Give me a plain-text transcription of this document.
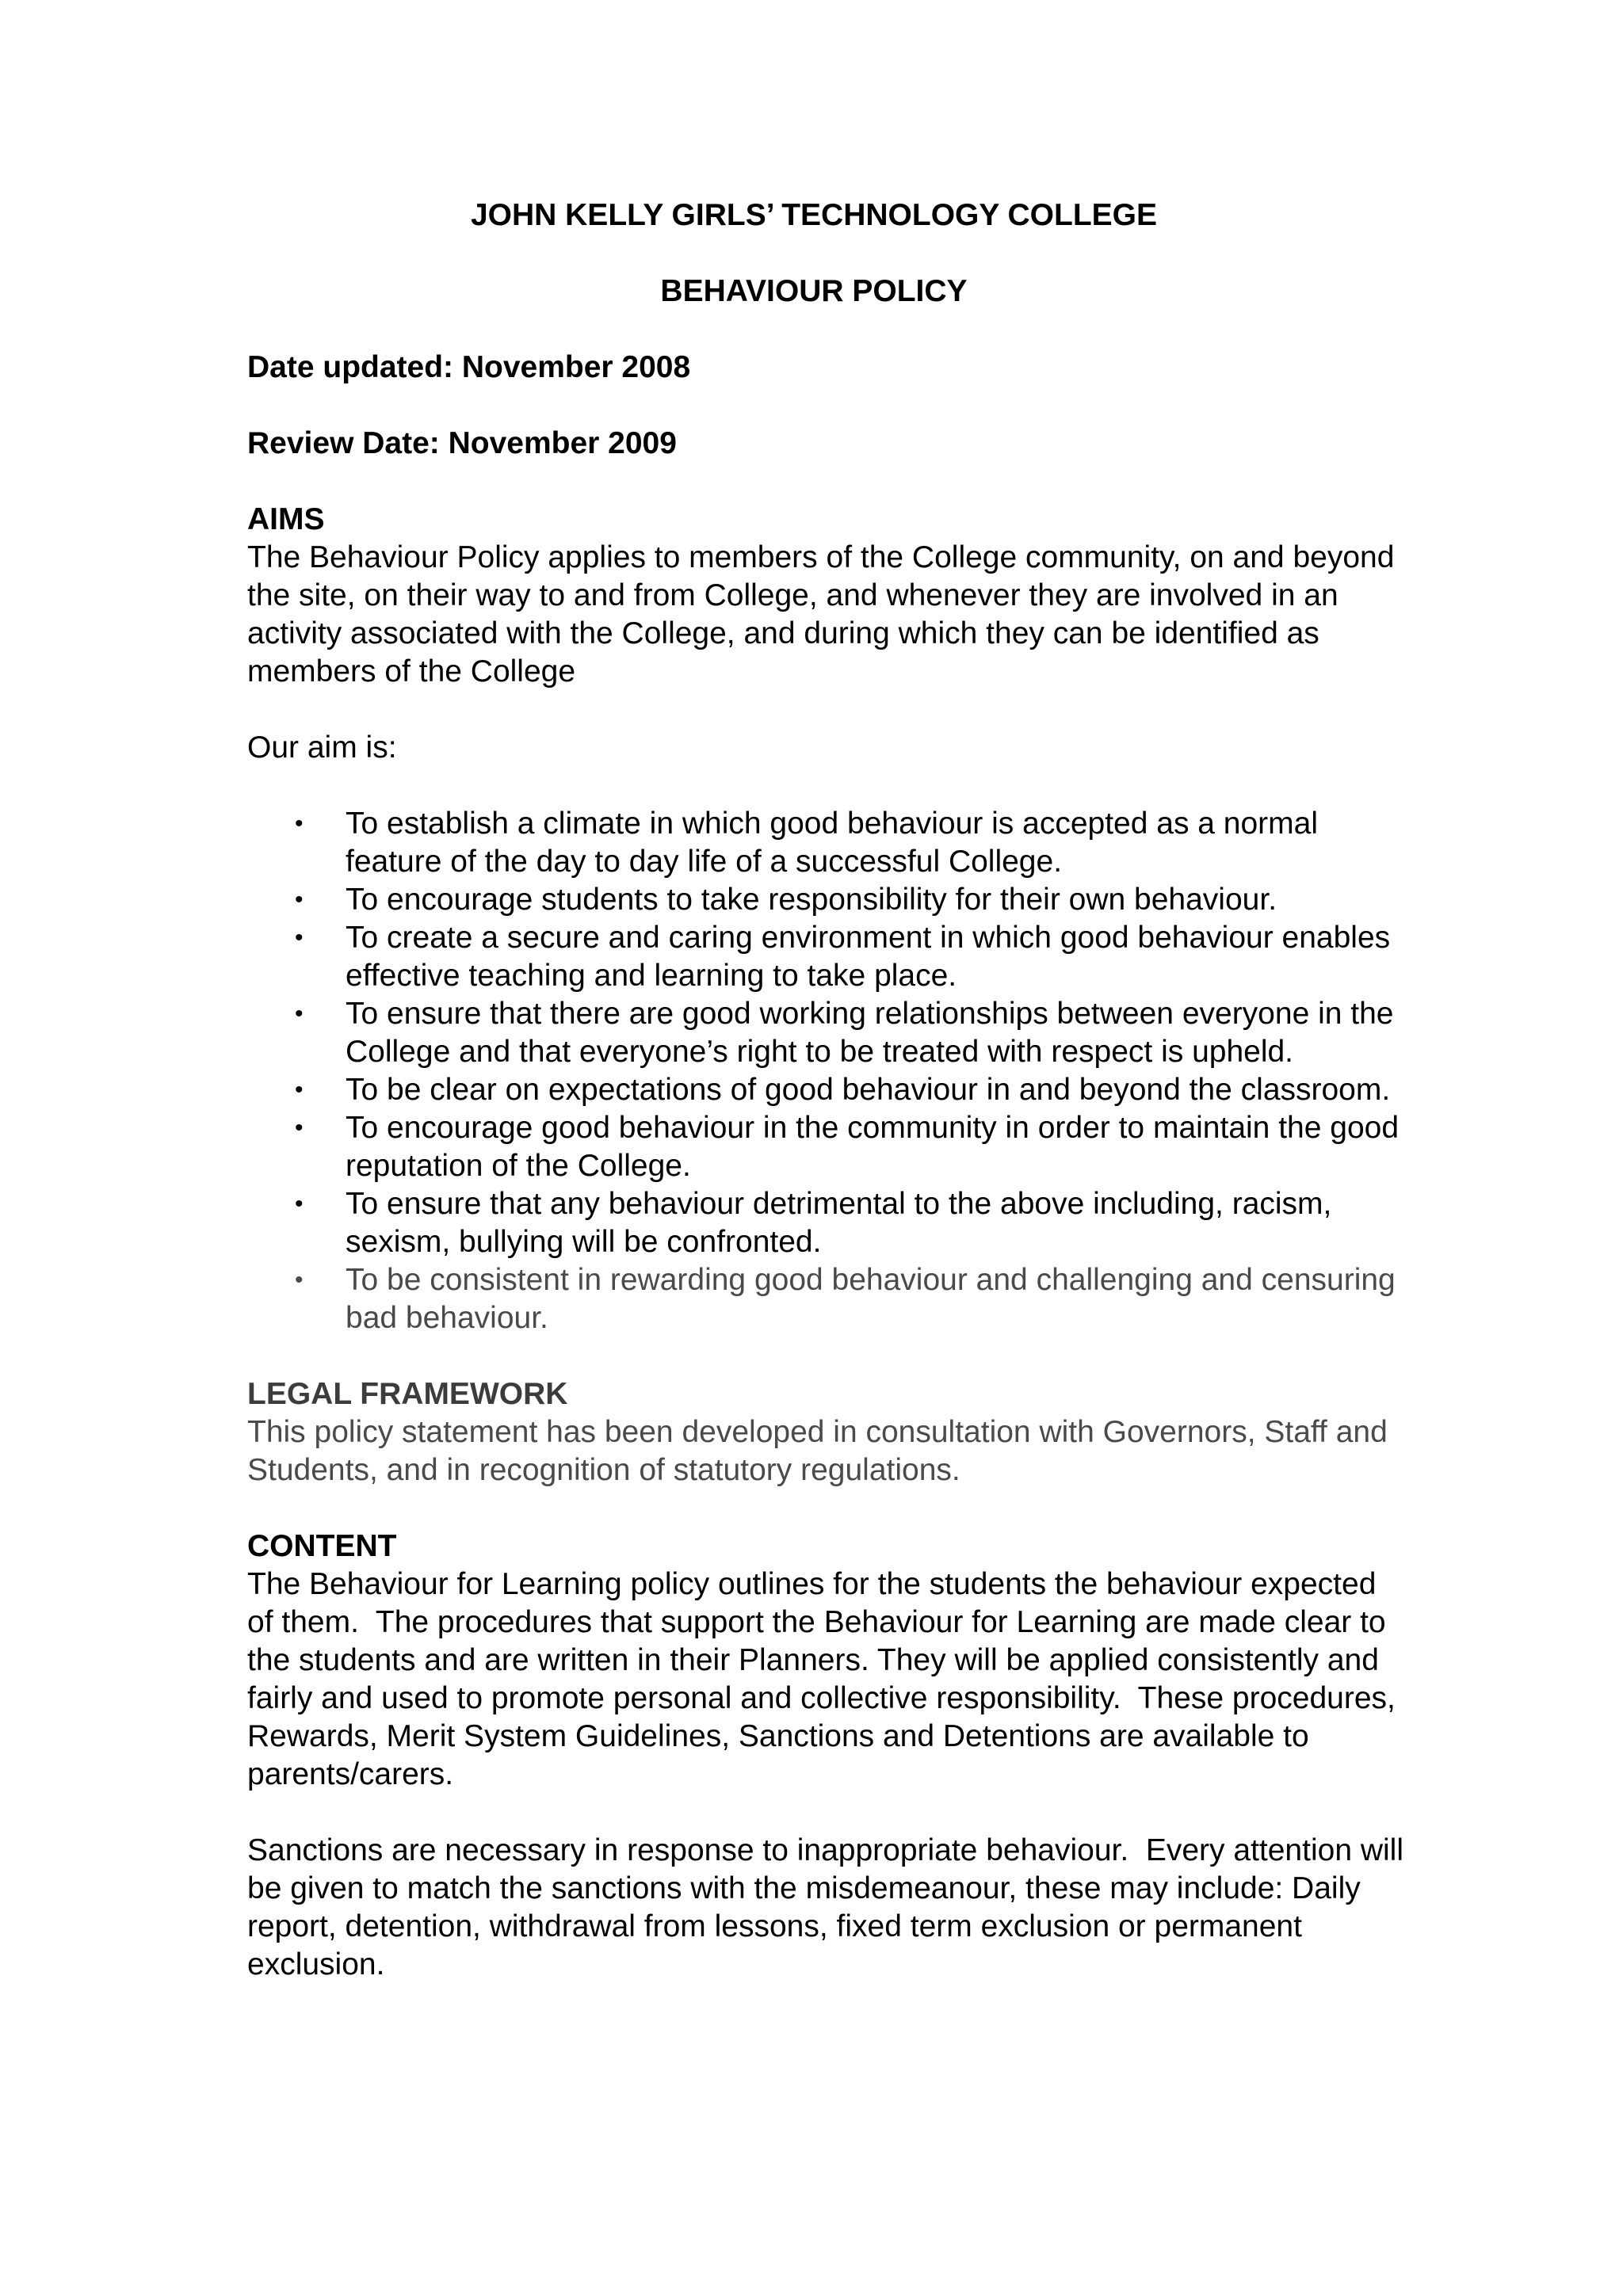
JOHN KELLY GIRLS’ TECHNOLOGY COLLEGE

BEHAVIOUR POLICY

Date updated: November 2008

Review Date: November 2009

AIMS

The Behaviour Policy applies to members of the College community, on and beyond the site, on their way to and from College, and whenever they are involved in an activity associated with the College, and during which they can be identified as members of the College

Our aim is:

• To establish a climate in which good behaviour is accepted as a normal feature of the day to day life of a successful College.
• To encourage students to take responsibility for their own behaviour.
• To create a secure and caring environment in which good behaviour enables effective teaching and learning to take place.
• To ensure that there are good working relationships between everyone in the College and that everyone’s right to be treated with respect is upheld.
• To be clear on expectations of good behaviour in and beyond the classroom.
• To encourage good behaviour in the community in order to maintain the good reputation of the College.
• To ensure that any behaviour detrimental to the above including, racism, sexism, bullying will be confronted.
• To be consistent in rewarding good behaviour and challenging and censuring bad behaviour.

LEGAL FRAMEWORK

This policy statement has been developed in consultation with Governors, Staff and Students, and in recognition of statutory regulations.

CONTENT

The Behaviour for Learning policy outlines for the students the behaviour expected of them.  The procedures that support the Behaviour for Learning are made clear to the students and are written in their Planners. They will be applied consistently and fairly and used to promote personal and collective responsibility.  These procedures, Rewards, Merit System Guidelines, Sanctions and Detentions are available to parents/carers.

Sanctions are necessary in response to inappropriate behaviour.  Every attention will be given to match the sanctions with the misdemeanour, these may include: Daily report, detention, withdrawal from lessons, fixed term exclusion or permanent exclusion.
